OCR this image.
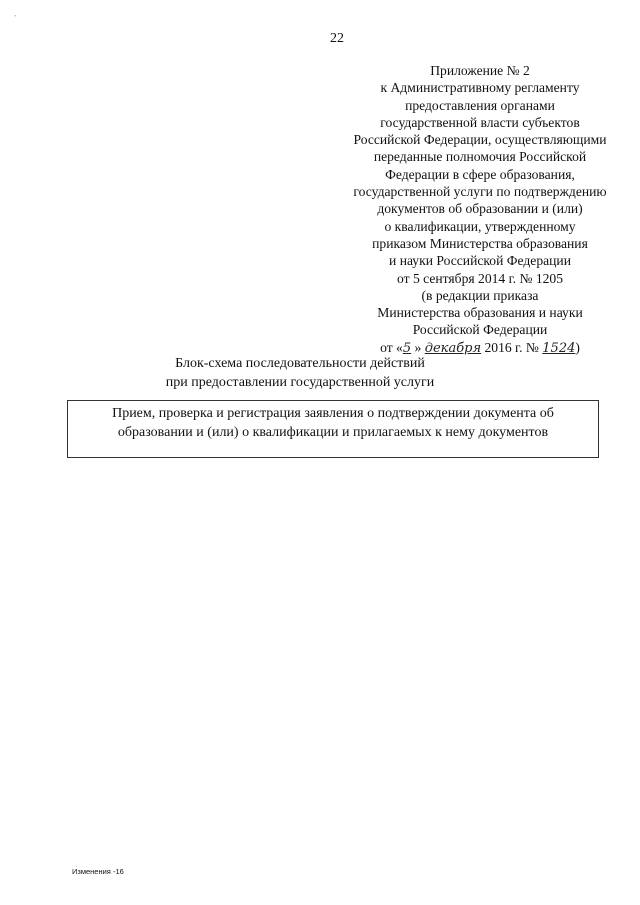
`
22
Приложение № 2
к Административному регламенту
предоставления органами
государственной власти субъектов
Российской Федерации, осуществляющими
переданные полномочия Российской
Федерации в сфере образования,
государственной услуги по подтверждению
документов об образовании и (или)
о квалификации, утвержденному
приказом Министерства образования
и науки Российской Федерации
от 5 сентября 2014 г. № 1205
(в редакции приказа
Министерства образования и науки
Российской Федерации
от «5 » декабря 2016 г. № 1524)
Блок-схема последовательности действий
при предоставлении государственной услуги
Прием, проверка и регистрация заявления о подтверждении документа об
образовании и (или) о квалификации и прилагаемых к нему документов
Изменения -16
